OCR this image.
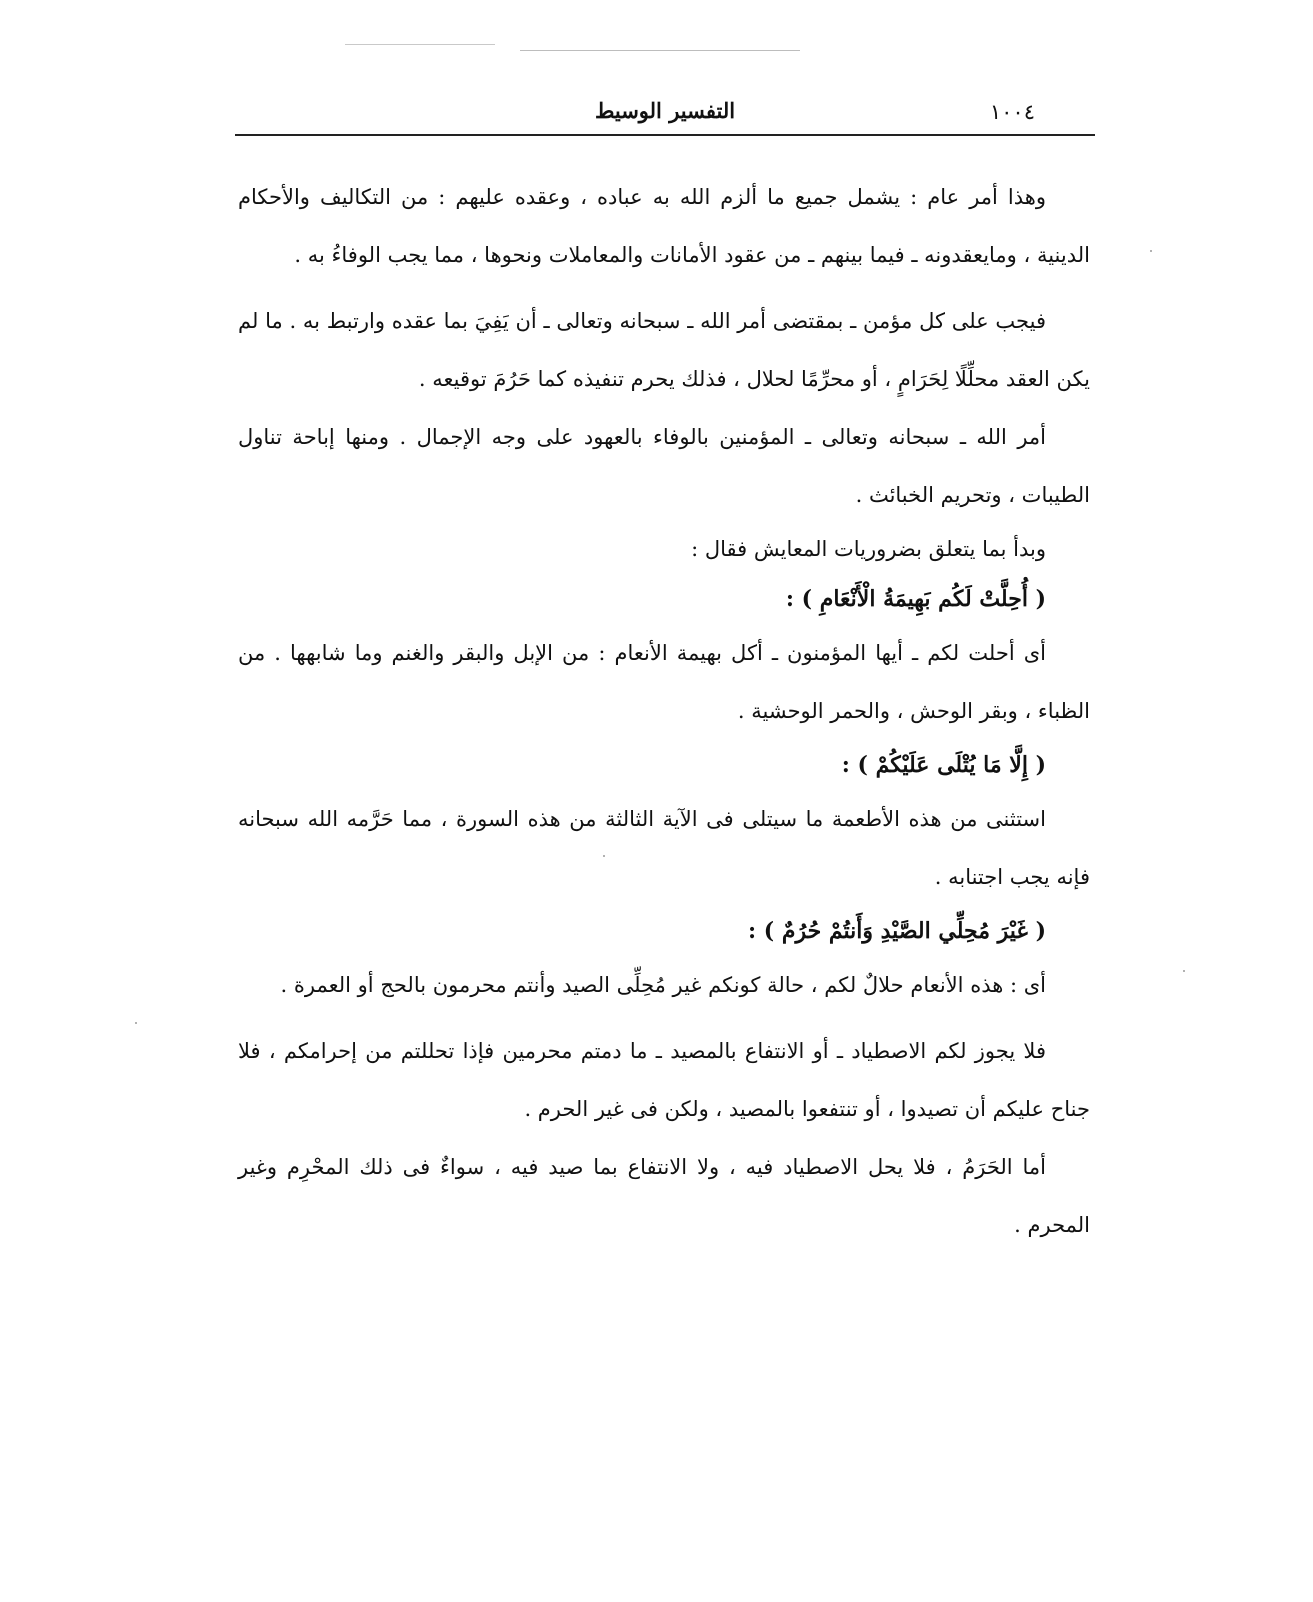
١٠٠٤
التفسير الوسيط

وهذا أمر عام : يشمل جميع ما ألزم الله به عباده ، وعقده عليهم : من التكاليف والأحكام الدينية ، ومايعقدونه ـ فيما بينهم ـ من عقود الأمانات والمعاملات ونحوها ، مما يجب الوفاءُ به .

فيجب على كل مؤمن ـ بمقتضى أمر الله ـ سبحانه وتعالى ـ أن يَفِيَ بما عقده وارتبط به . ما لم يكن العقد محلِّلًا لِحَرَامٍ ، أو محرِّمًا لحلال ، فذلك يحرم تنفيذه كما حَرُمَ توقيعه .

أمر الله ـ سبحانه وتعالى ـ المؤمنين بالوفاء بالعهود على وجه الإجمال . ومنها إباحة تناول الطيبات ، وتحريم الخبائث .

وبدأ بما يتعلق بضروريات المعايش فقال :

( أُحِلَّتْ لَكُم بَهِيمَةُ الْأَنْعَامِ ) :

أى أحلت لكم ـ أيها المؤمنون ـ أكل بهيمة الأنعام : من الإبل والبقر والغنم وما شابهها . من الظباء ، وبقر الوحش ، والحمر الوحشية .

( إِلَّا مَا يُتْلَى عَلَيْكُمْ ) :

استثنى من هذه الأطعمة ما سيتلى فى الآية الثالثة من هذه السورة ، مما حَرَّمه الله سبحانه فإنه يجب اجتنابه .

( غَيْرَ مُحِلِّي الصَّيْدِ وَأَنتُمْ حُرُمٌ ) :

أى : هذه الأنعام حلالٌ لكم ، حالة كونكم غير مُحِلِّى الصيد وأنتم محرمون بالحج أو العمرة .

فلا يجوز لكم الاصطياد ـ أو الانتفاع بالمصيد ـ ما دمتم محرمين فإذا تحللتم من إحرامكم ، فلا جناح عليكم أن تصيدوا ، أو تنتفعوا بالمصيد ، ولكن فى غير الحرم .

أما الحَرَمُ ، فلا يحل الاصطياد فيه ، ولا الانتفاع بما صيد فيه ، سواءٌ فى ذلك المحْرِم وغير المحرم .
